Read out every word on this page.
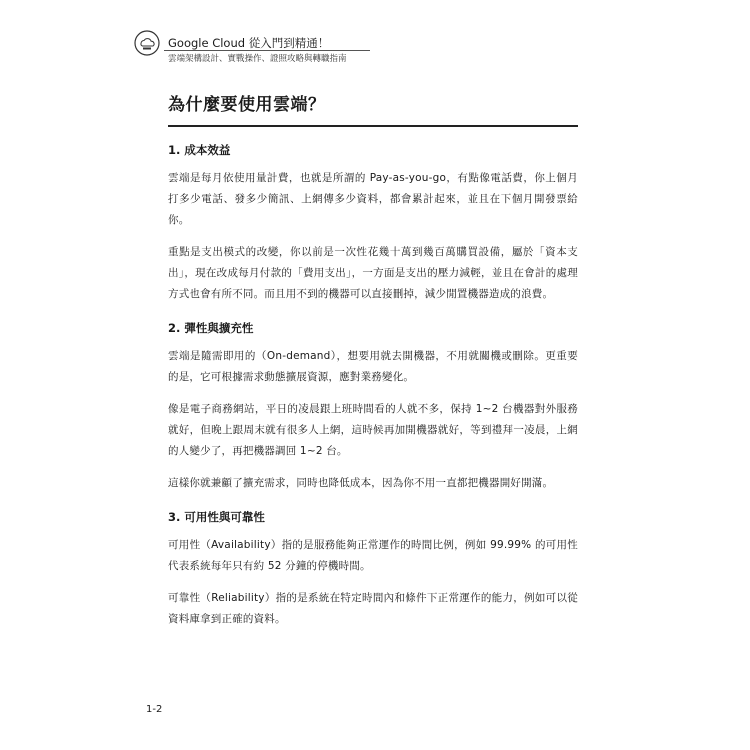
Google Cloud 從入門到精通！
雲端架構設計、實戰操作、證照攻略與轉職指南
為什麼要使用雲端？
1. 成本效益

雲端是每月依使用量計費，也就是所謂的 Pay-as-you-go，有點像電話費，你上個月打多少電話、發多少簡訊、上網傳多少資料，都會累計起來，並且在下個月開發票給你。

重點是支出模式的改變，你以前是一次性花幾十萬到幾百萬購買設備，屬於「資本支出」，現在改成每月付款的「費用支出」，一方面是支出的壓力減輕，並且在會計的處理方式也會有所不同。而且用不到的機器可以直接刪掉，減少閒置機器造成的浪費。

2. 彈性與擴充性

雲端是隨需即用的（On-demand），想要用就去開機器，不用就關機或刪除。更重要的是，它可根據需求動態擴展資源，應對業務變化。

像是電子商務網站，平日的凌晨跟上班時間看的人就不多，保持 1~2 台機器對外服務就好，但晚上跟周末就有很多人上網，這時候再加開機器就好，等到禮拜一凌晨，上網的人變少了，再把機器調回 1~2 台。

這樣你就兼顧了擴充需求，同時也降低成本，因為你不用一直都把機器開好開滿。

3. 可用性與可靠性

可用性（Availability）指的是服務能夠正常運作的時間比例，例如 99.99% 的可用性代表系統每年只有約 52 分鐘的停機時間。

可靠性（Reliability）指的是系統在特定時間內和條件下正常運作的能力，例如可以從資料庫拿到正確的資料。

1-2
